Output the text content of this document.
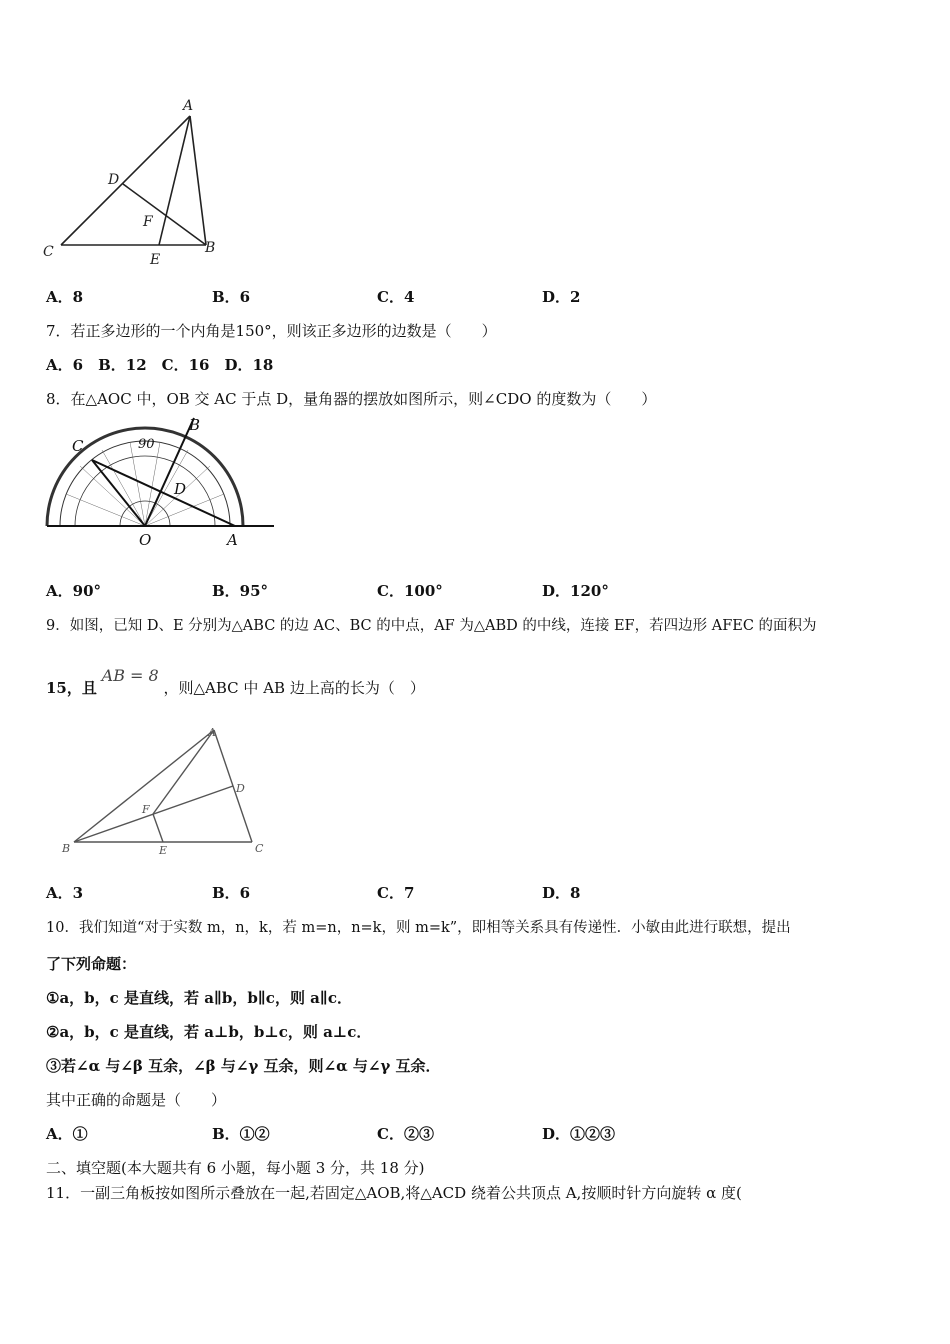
A
D
F
C	B
E
A．8	B．6	C．4	D．2
7．若正多边形的一个内角是150°，则该正多边形的边数是（　　）
A．6　B．12　C．16　D．18
8．在△AOC 中，OB 交 AC 于点 D，量角器的摆放如图所示，则∠CDO 的度数为（　　）
C	90
B
D
O	A
A．90°	B．95°	C．100°	D．120°
9．如图，已知 D、E 分别为△ABC 的边 AC、BC 的中点，AF 为△ABD 的中线，连接 EF，若四边形 AFEC 的面积为
15，且 AB = 8 ，则△ABC 中 AB 边上高的长为（　）
A
D
F
B	E	C
A．3	B．6	C．7	D．8
10．我们知道“对于实数 m，n，k，若 m=n，n=k，则 m=k”，即相等关系具有传递性．小敏由此进行联想，提出
了下列命题：
①a，b，c 是直线，若 a∥b，b∥c，则 a∥c．
②a，b，c 是直线，若 a⊥b，b⊥c，则 a⊥c．
③若∠α 与∠β 互余，∠β 与∠γ 互余，则∠α 与∠γ 互余．
其中正确的命题是（　　）
A．①	B．①②	C．②③	D．①②③
二、填空题(本大题共有 6 小题，每小题 3 分，共 18 分)
11．一副三角板按如图所示叠放在一起,若固定△AOB,将△ACD 绕着公共顶点 A,按顺时针方向旋转 α 度(
